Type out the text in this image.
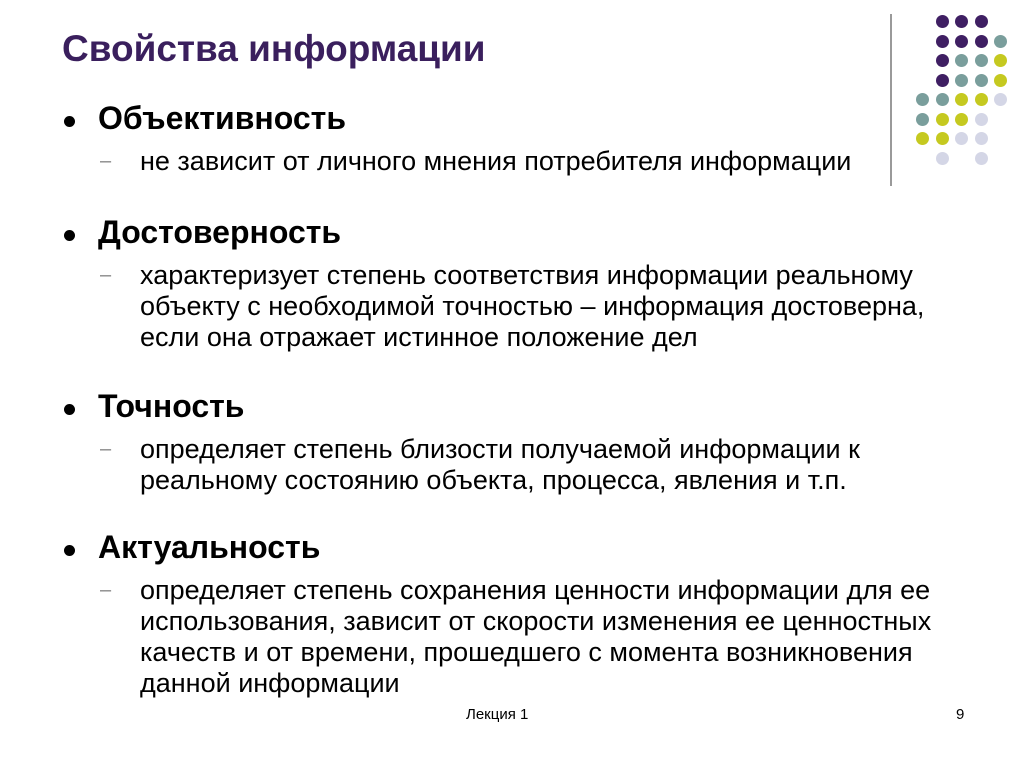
Свойства информации
Объективность
– не зависит от личного мнения потребителя информации
Достоверность
– характеризует степень соответствия информации реальному объекту с необходимой точностью – информация достоверна, если она отражает истинное положение дел
Точность
– определяет степень близости получаемой информации к реальному состоянию объекта, процесса, явления и т.п.
Актуальность
– определяет степень сохранения ценности информации для ее использования, зависит от скорости изменения ее ценностных качеств и от времени, прошедшего с момента возникновения данной информации
Лекция 1	9
